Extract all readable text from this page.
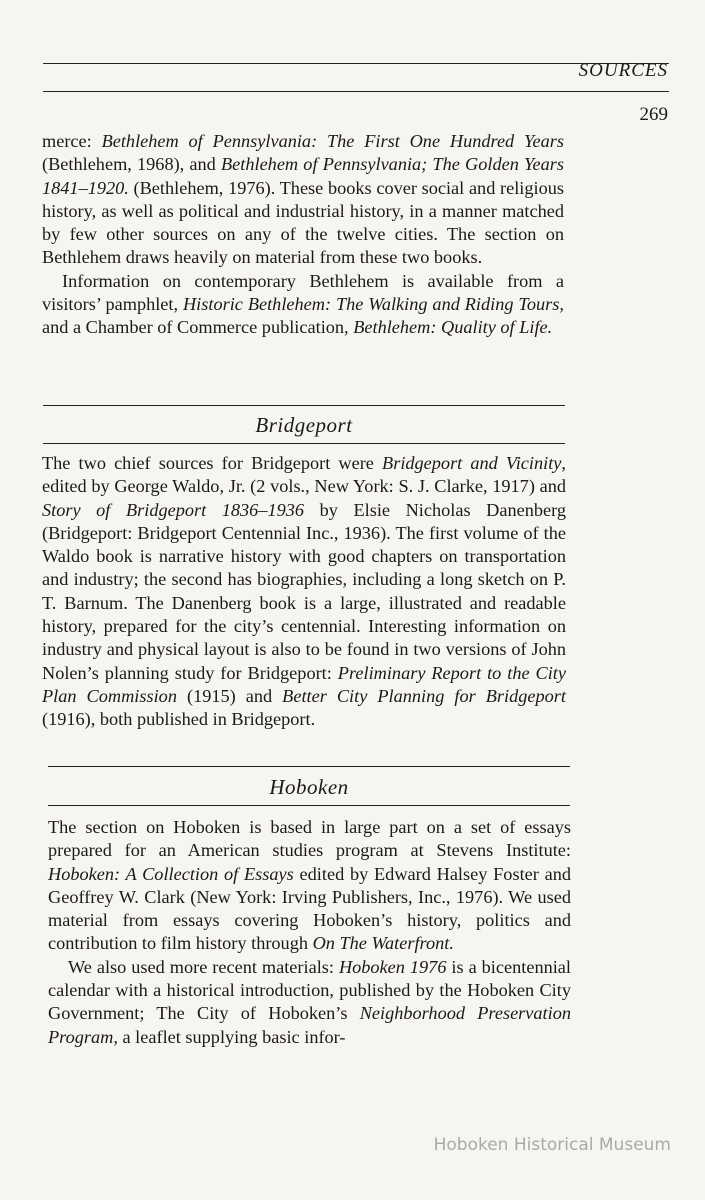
SOURCES
269

merce: Bethlehem of Pennsylvania: The First One Hundred Years (Bethlehem, 1968), and Bethlehem of Pennsylvania; The Golden Years 1841–1920. (Bethlehem, 1976). These books cover social and religious history, as well as political and industrial history, in a manner matched by few other sources on any of the twelve cities. The section on Bethlehem draws heavily on material from these two books.

Information on contemporary Bethlehem is available from a visitors’ pamphlet, Historic Bethlehem: The Walking and Riding Tours, and a Chamber of Commerce publication, Bethlehem: Quality of Life.

Bridgeport

The two chief sources for Bridgeport were Bridgeport and Vicinity, edited by George Waldo, Jr. (2 vols., New York: S. J. Clarke, 1917) and Story of Bridgeport 1836–1936 by Elsie Nicholas Danenberg (Bridgeport: Bridgeport Centennial Inc., 1936). The first volume of the Waldo book is narrative history with good chapters on transportation and industry; the second has biographies, including a long sketch on P. T. Barnum. The Danenberg book is a large, illustrated and readable history, prepared for the city’s centennial. Interesting information on industry and physical layout is also to be found in two versions of John Nolen’s planning study for Bridgeport: Preliminary Report to the City Plan Commission (1915) and Better City Planning for Bridgeport (1916), both published in Bridgeport.

Hoboken

The section on Hoboken is based in large part on a set of essays prepared for an American studies program at Stevens Institute: Hoboken: A Collection of Essays edited by Edward Halsey Foster and Geoffrey W. Clark (New York: Irving Publishers, Inc., 1976). We used material from essays covering Hoboken’s history, politics and contribution to film history through On The Waterfront.

We also used more recent materials: Hoboken 1976 is a bicentennial calendar with a historical introduction, published by the Hoboken City Government; The City of Hoboken’s Neighborhood Preservation Program, a leaflet supplying basic infor-

Hoboken Historical Museum
